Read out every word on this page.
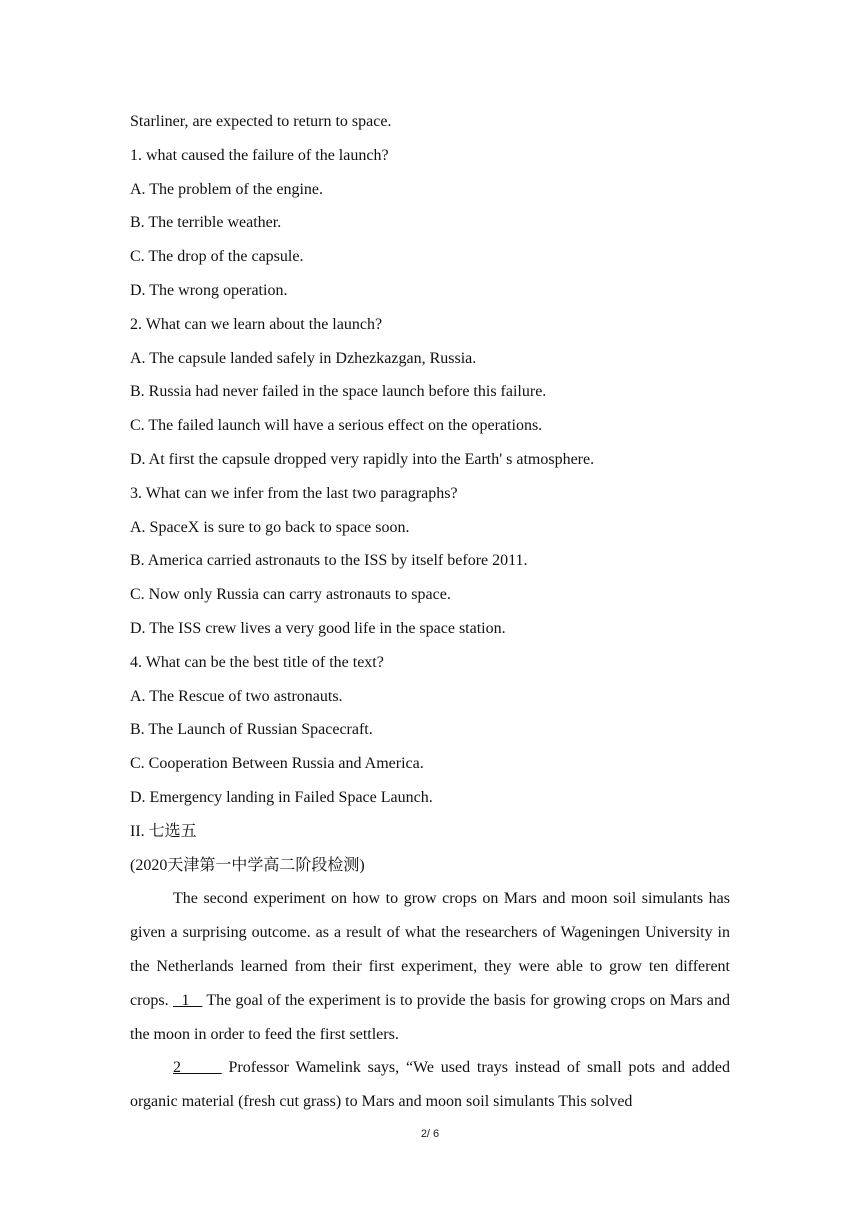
Starliner, are expected to return to space.
1. what caused the failure of the launch?
A. The problem of the engine.
B. The terrible weather.
C. The drop of the capsule.
D. The wrong operation.
2. What can we learn about the launch?
A. The capsule landed safely in Dzhezkazgan, Russia.
B. Russia had never failed in the space launch before this failure.
C. The failed launch will have a serious effect on the operations.
D. At first the capsule dropped very rapidly into the Earth' s atmosphere.
3. What can we infer from the last two paragraphs?
A. SpaceX is sure to go back to space soon.
B. America carried astronauts to the ISS by itself before 2011.
C. Now only Russia can carry astronauts to space.
D. The ISS crew lives a very good life in the space station.
4. What can be the best title of the text?
A. The Rescue of two astronauts.
B. The Launch of Russian Spacecraft.
C. Cooperation Between Russia and America.
D. Emergency landing in Failed Space Launch.
II. 七选五
(2020天津第一中学高二阶段检测)

The second experiment on how to grow crops on Mars and moon soil simulants has given a surprising outcome. as a result of what the researchers of Wageningen University in the Netherlands learned from their first experiment, they were able to grow ten different crops.   1    The goal of the experiment is to provide the basis for growing crops on Mars and the moon in order to feed the first settlers.

2       Professor Wamelink says, “We used trays instead of small pots and added organic material (fresh cut grass) to Mars and moon soil simulants This solved

2/ 6
